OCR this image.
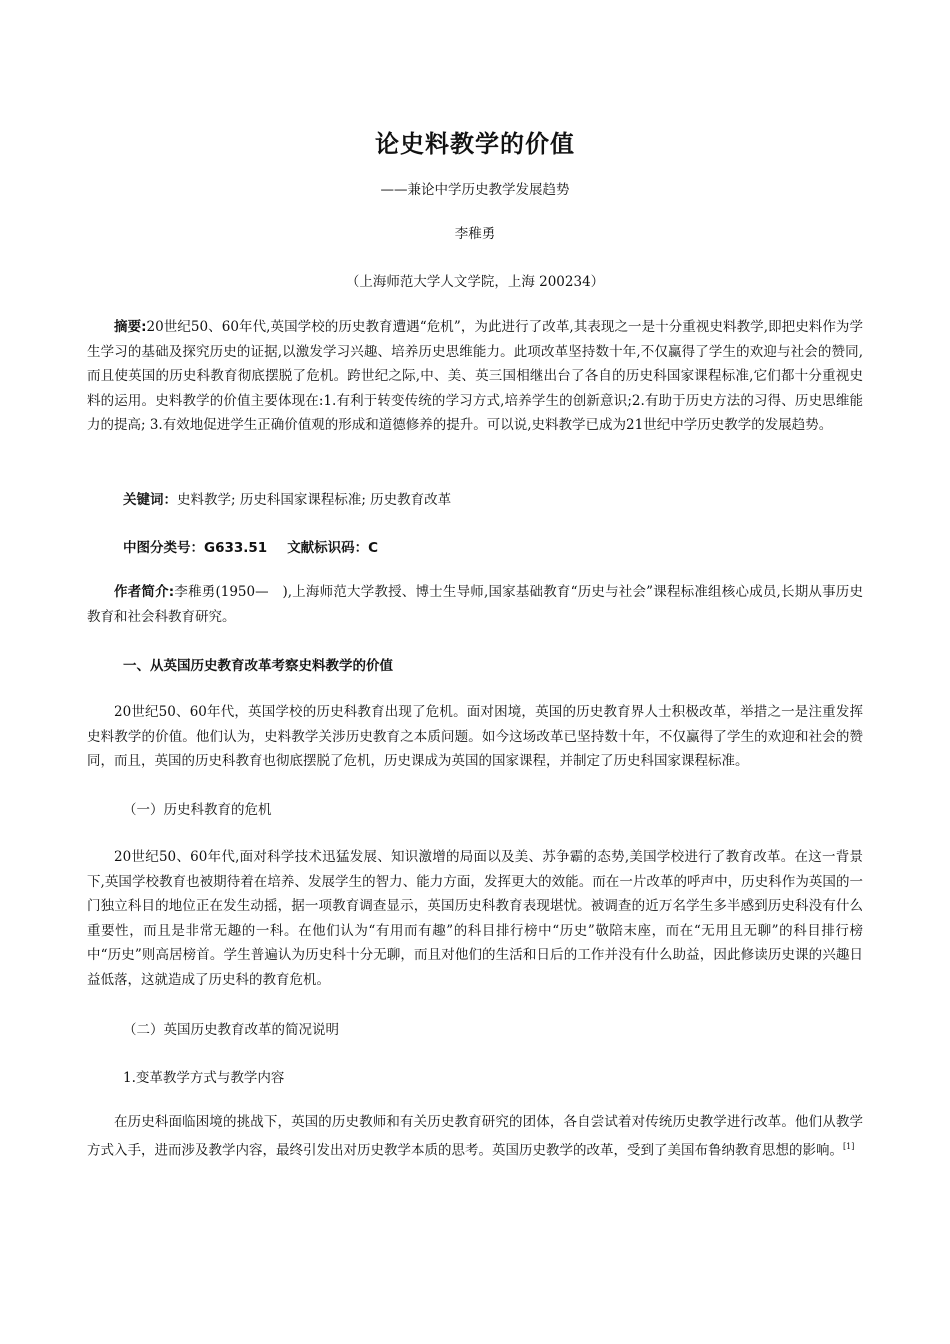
论史料教学的价值
——兼论中学历史教学发展趋势
李稚勇
（上海师范大学人文学院，上海 200234）

摘要:20世纪50、60年代,英国学校的历史教育遭遇“危机”，为此进行了改革,其表现之一是十分重视史料教学,即把史料作为学生学习的基础及探究历史的证据,以激发学习兴趣、培养历史思维能力。此项改革坚持数十年,不仅赢得了学生的欢迎与社会的赞同,而且使英国的历史科教育彻底摆脱了危机。跨世纪之际,中、美、英三国相继出台了各自的历史科国家课程标准,它们都十分重视史料的运用。史料教学的价值主要体现在:1.有利于转变传统的学习方式,培养学生的创新意识;2.有助于历史方法的习得、历史思维能力的提高; 3.有效地促进学生正确价值观的形成和道德修养的提升。可以说,史料教学已成为21世纪中学历史教学的发展趋势。

关键词：史料教学; 历史科国家课程标准; 历史教育改革
中图分类号：G633.51 文献标识码：C

作者简介:李稚勇(1950—　),上海师范大学教授、博士生导师,国家基础教育“历史与社会”课程标准组核心成员,长期从事历史教育和社会科教育研究。

一、从英国历史教育改革考察史料教学的价值

20世纪50、60年代，英国学校的历史科教育出现了危机。面对困境，英国的历史教育界人士积极改革，举措之一是注重发挥史料教学的价值。他们认为，史料教学关涉历史教育之本质问题。如今这场改革已坚持数十年，不仅赢得了学生的欢迎和社会的赞同，而且，英国的历史科教育也彻底摆脱了危机，历史课成为英国的国家课程，并制定了历史科国家课程标准。

（一）历史科教育的危机

20世纪50、60年代,面对科学技术迅猛发展、知识激增的局面以及美、苏争霸的态势,美国学校进行了教育改革。在这一背景下,英国学校教育也被期待着在培养、发展学生的智力、能力方面，发挥更大的效能。而在一片改革的呼声中，历史科作为英国的一门独立科目的地位正在发生动摇，据一项教育调查显示，英国历史科教育表现堪忧。被调查的近万名学生多半感到历史科没有什么重要性，而且是非常无趣的一科。在他们认为“有用而有趣”的科目排行榜中“历史”敬陪末座，而在“无用且无聊”的科目排行榜中“历史”则高居榜首。学生普遍认为历史科十分无聊，而且对他们的生活和日后的工作并没有什么助益，因此修读历史课的兴趣日益低落，这就造成了历史科的教育危机。

（二）英国历史教育改革的简况说明
1.变革教学方式与教学内容

在历史科面临困境的挑战下，英国的历史教师和有关历史教育研究的团体，各自尝试着对传统历史教学进行改革。他们从教学方式入手，进而涉及教学内容，最终引发出对历史教学本质的思考。英国历史教学的改革，受到了美国布鲁纳教育思想的影响。[1]
